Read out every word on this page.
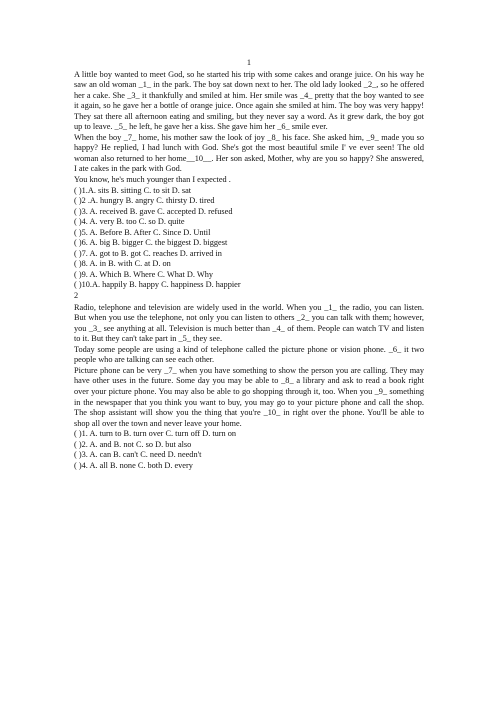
1

A little boy wanted to meet God, so he started his trip with some cakes and orange juice. On his way he saw an old woman _1_ in the park. The boy sat down next to her. The old lady looked _2_, so he offered her a cake. She _3_ it thankfully and smiled at him. Her smile was _4_ pretty that the boy wanted to see it again, so he gave her a bottle of orange juice. Once again she smiled at him. The boy was very happy! They sat there all afternoon eating and smiling, but they never say a word. As it grew dark, the boy got up to leave. _5_ he left, he gave her a kiss. She gave him her _6_ smile ever.

When the boy _7_ home, his mother saw the look of joy _8_ his face. She asked him, _9_ made you so happy? He replied, I had lunch with God. She's got the most beautiful smile I' ve ever seen! The old woman also returned to her home__10__. Her son asked, Mother, why are you so happy? She answered, I ate cakes in the park with God.

You know, he's much younger than I expected .

( )1.A. sits B. sitting C. to sit D. sat

( )2 .A. hungry B. angry C. thirsty D. tired

( )3. A. received B. gave C. accepted D. refused

( )4. A. very B. too C. so D. quite

( )5. A. Before B. After C. Since D. Until

( )6. A. big B. bigger C. the biggest D. biggest

( )7. A. got to B. got C. reaches D. arrived in

( )8. A. in B. with C. at D. on

( )9. A. Which B. Where C. What D. Why

( )10.A. happily B. happy C. happiness D. happier

2

Radio, telephone and television are widely used in the world. When you _1_ the radio, you can listen. But when you use the telephone, not only you can listen to others _2_ you can talk with them; however, you _3_ see anything at all. Television is much better than _4_ of them. People can watch TV and listen to it. But they can't take part in _5_ they see.

Today some people are using a kind of telephone called the picture phone or vision phone. _6_ it two people who are talking can see each other.

Picture phone can be very _7_ when you have something to show the person you are calling. They may have other uses in the future. Some day you may be able to _8_ a library and ask to read a book right over your picture phone. You may also be able to go shopping through it, too. When you _9_ something in the newspaper that you think you want to buy, you may go to your picture phone and call the shop. The shop assistant will show you the thing that you're _10_ in right over the phone. You'll be able to shop all over the town and never leave your home.

( )1. A. turn to B. turn over C. turn off D. turn on

( )2. A. and B. not C. so D. but also

( )3. A. can B. can't C. need D. needn't

( )4. A. all B. none C. both D. every
